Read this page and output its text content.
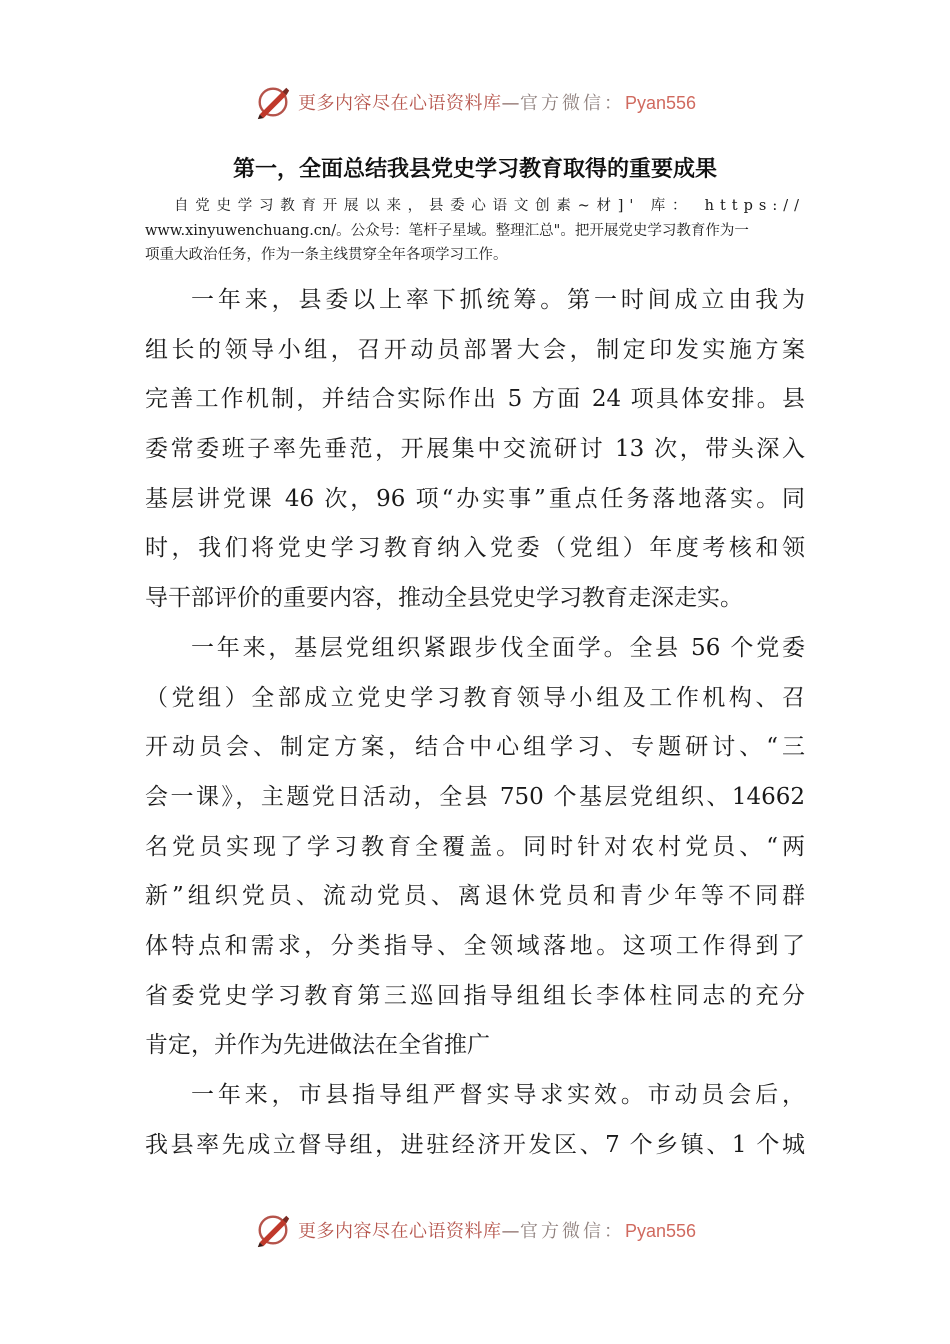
更多内容尽在心语资料库—官方微信：Pyan556
第一，全面总结我县党史学习教育取得的重要成果
自党史学习教育开展以来，县委心语文创素~材]' 库： https://
www.xinyuwenchuang.cn/。公众号：笔杆子星域。整理汇总"。把开展党史学习教育作为一
项重大政治任务，作为一条主线贯穿全年各项学习工作。
一年来，县委以上率下抓统筹。第一时间成立由我为
组长的领导小组，召开动员部署大会，制定印发实施方案
完善工作机制，并结合实际作出 5 方面 24 项具体安排。县
委常委班子率先垂范，开展集中交流研讨 13 次，带头深入
基层讲党课 46 次，96 项“办实事”重点任务落地落实。同
时，我们将党史学习教育纳入党委（党组）年度考核和领
导干部评价的重要内容，推动全县党史学习教育走深走实。
一年来，基层党组织紧跟步伐全面学。全县 56 个党委
（党组）全部成立党史学习教育领导小组及工作机构、召
开动员会、制定方案，结合中心组学习、专题研讨、“三
会一课》，主题党日活动，全县 750 个基层党组织、14662
名党员实现了学习教育全覆盖。同时针对农村党员、“两
新”组织党员、流动党员、离退休党员和青少年等不同群
体特点和需求，分类指导、全领域落地。这项工作得到了
省委党史学习教育第三巡回指导组组长李体柱同志的充分
肯定，并作为先进做法在全省推广
一年来，市县指导组严督实导求实效。市动员会后，
我县率先成立督导组，进驻经济开发区、7 个乡镇、1 个城
更多内容尽在心语资料库—官方微信：Pyan556
